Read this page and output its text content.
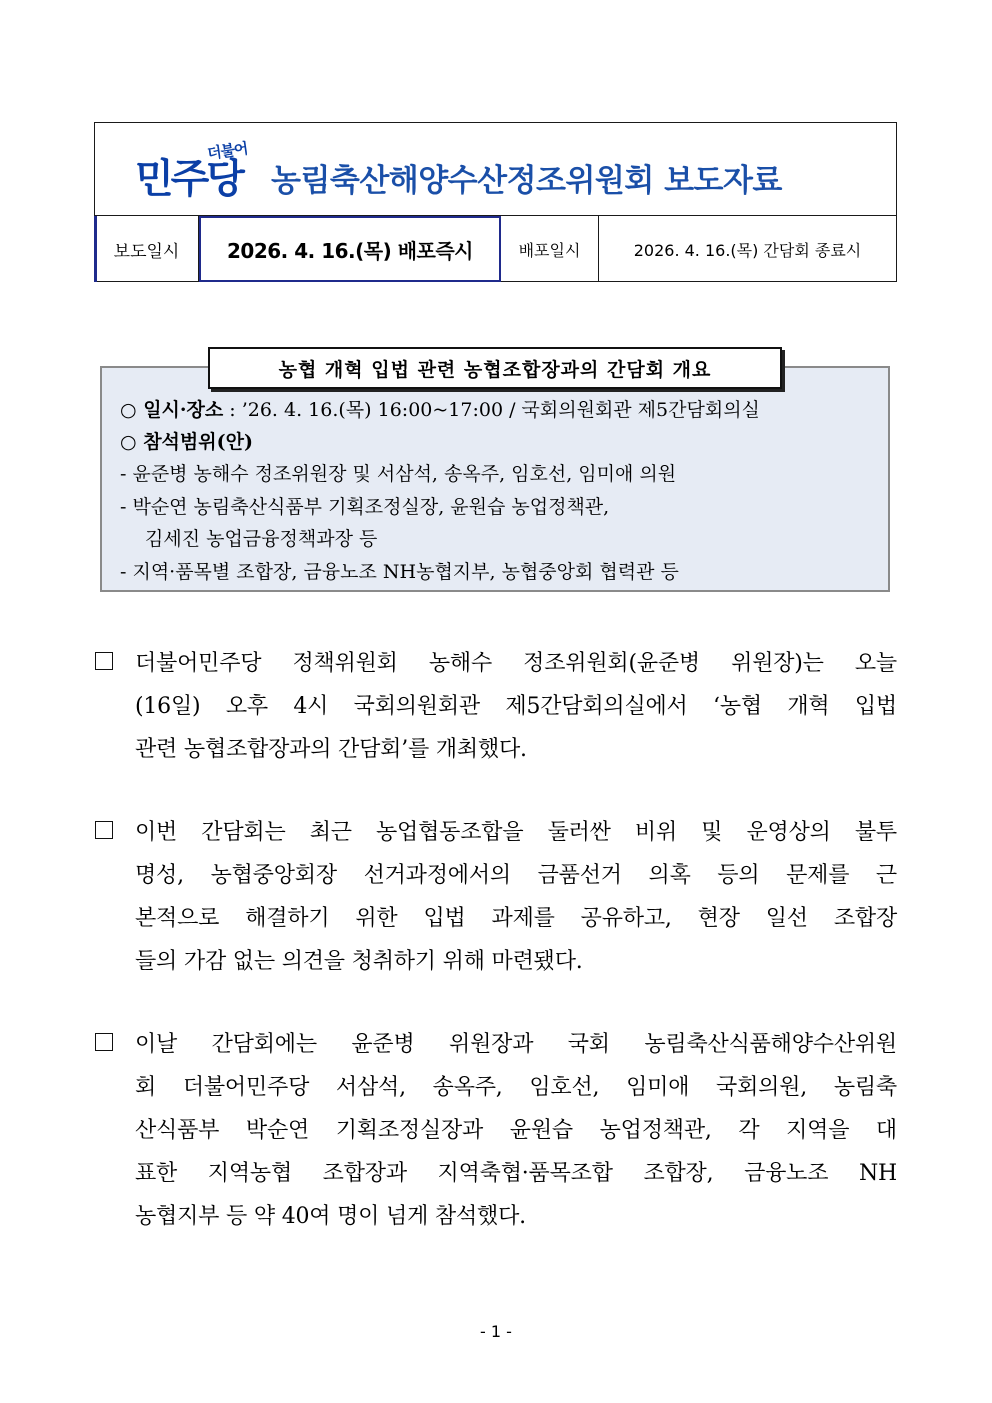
더불어
민주당 농림축산해양수산정조위원회 보도자료
보도일시	2026. 4. 16.(목) 배포즉시	배포일시	2026. 4. 16.(목) 간담회 종료시
농협 개혁 입법 관련 농협조합장과의 간담회 개요
○ 일시·장소 : ’26. 4. 16.(목) 16:00~17:00 / 국회의원회관 제5간담회의실
○ 참석범위(안)
- 윤준병 농해수 정조위원장 및 서삼석, 송옥주, 임호선, 임미애 의원
- 박순연 농림축산식품부 기획조정실장, 윤원습 농업정책관,
김세진 농업금융정책과장 등
- 지역·품목별 조합장, 금융노조 NH농협지부, 농협중앙회 협력관 등
더불어민주당 정책위원회 농해수 정조위원회(윤준병 위원장)는 오늘
(16일) 오후 4시 국회의원회관 제5간담회의실에서 ‘농협 개혁 입법
관련 농협조합장과의 간담회’를 개최했다.
이번 간담회는 최근 농업협동조합을 둘러싼 비위 및 운영상의 불투
명성, 농협중앙회장 선거과정에서의 금품선거 의혹 등의 문제를 근
본적으로 해결하기 위한 입법 과제를 공유하고, 현장 일선 조합장
들의 가감 없는 의견을 청취하기 위해 마련됐다.
이날 간담회에는 윤준병 위원장과 국회 농림축산식품해양수산위원
회 더불어민주당 서삼석, 송옥주, 임호선, 임미애 국회의원, 농림축
산식품부 박순연 기획조정실장과 윤원습 농업정책관, 각 지역을 대
표한 지역농협 조합장과 지역축협·품목조합 조합장, 금융노조 NH
농협지부 등 약 40여 명이 넘게 참석했다.
- 1 -
